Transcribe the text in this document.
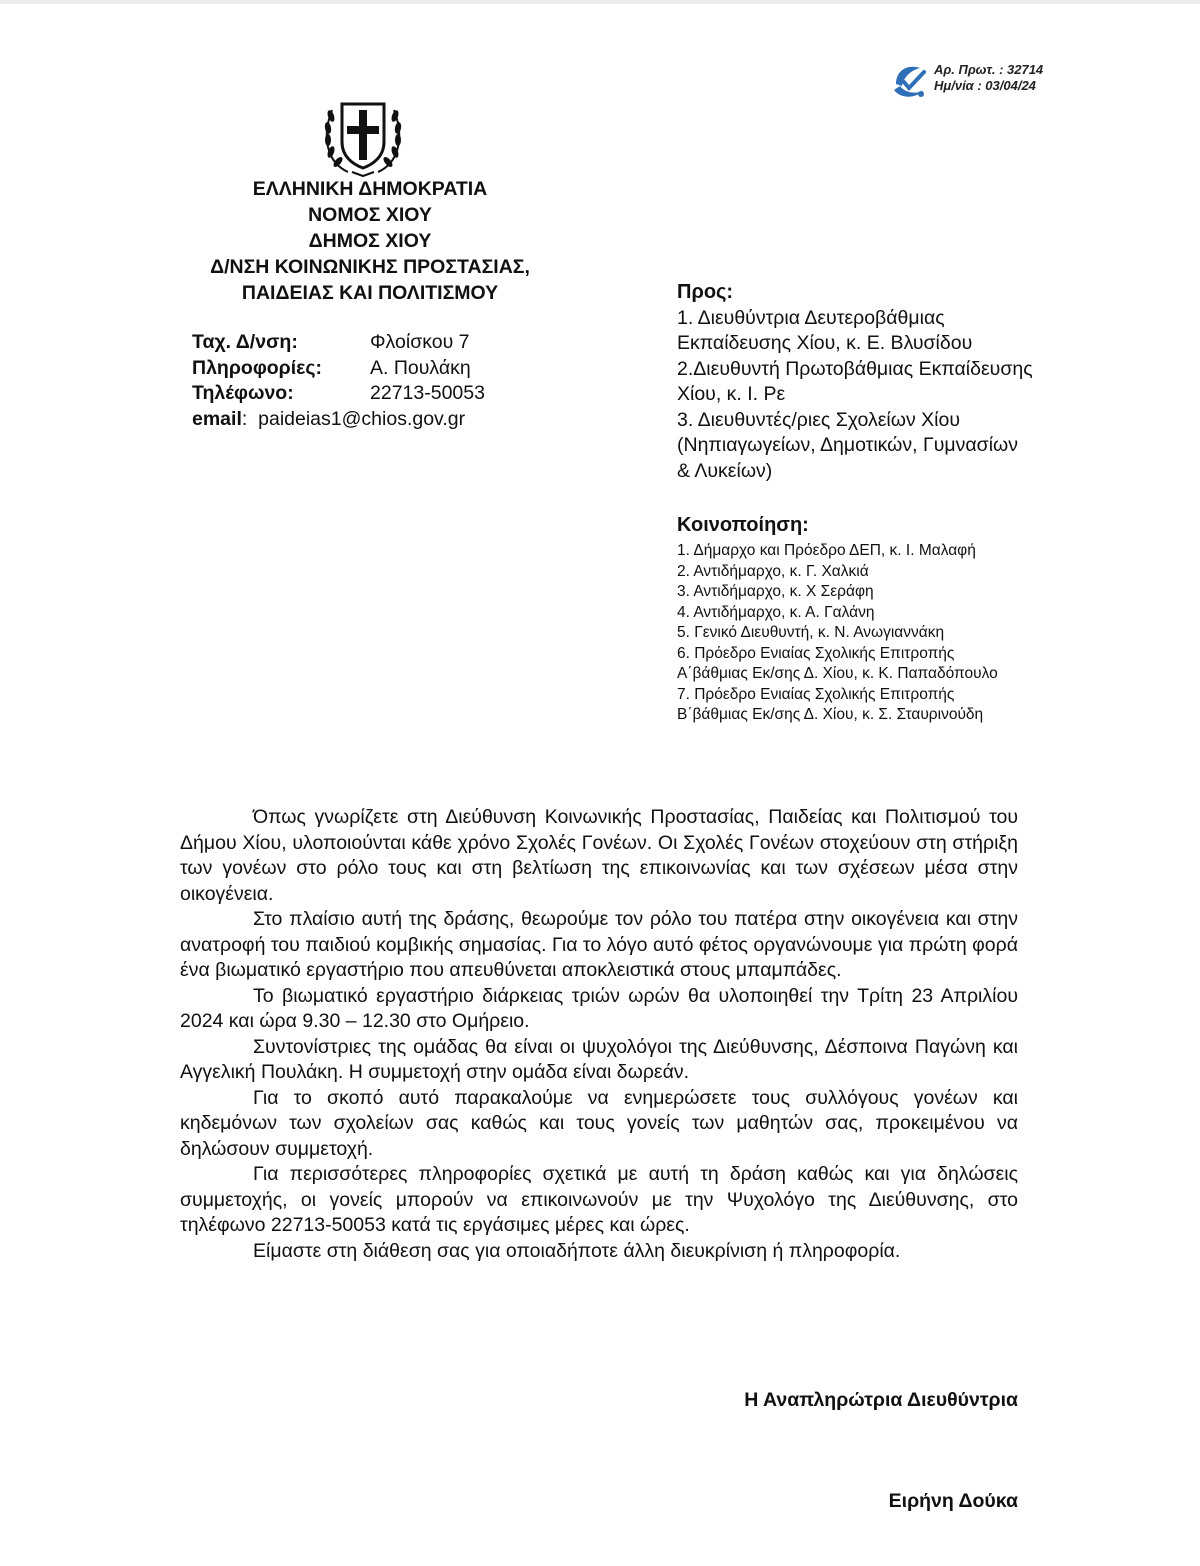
Αρ. Πρωτ. : 32714
Ημ/νία : 03/04/24
ΕΛΛΗΝΙΚΗ ΔΗΜΟΚΡΑΤΙΑ
ΝΟΜΟΣ ΧΙΟΥ
ΔΗΜΟΣ ΧΙΟΥ
Δ/ΝΣΗ ΚΟΙΝΩΝΙΚΗΣ ΠΡΟΣΤΑΣΙΑΣ,
ΠΑΙΔΕΙΑΣ ΚΑΙ ΠΟΛΙΤΙΣΜΟΥ
Ταχ. Δ/νση:	Φλοίσκου 7
Πληροφορίες: Α. Πουλάκη
Τηλέφωνο:	22713-50053
email:  paideias1@chios.gov.gr
Προς:
1. Διευθύντρια Δευτεροβάθμιας
Εκπαίδευσης Χίου, κ. Ε. Βλυσίδου
2.Διευθυντή Πρωτοβάθμιας Εκπαίδευσης
Χίου, κ. Ι. Ρε
3. Διευθυντές/ριες Σχολείων Χίου
(Νηπιαγωγείων, Δημοτικών, Γυμνασίων
& Λυκείων)
Κοινοποίηση:
1. Δήμαρχο και Πρόεδρο ΔΕΠ, κ. Ι. Μαλαφή
2. Αντιδήμαρχο, κ. Γ. Χαλκιά
3. Αντιδήμαρχο, κ. Χ Σεράφη
4. Αντιδήμαρχο, κ. Α. Γαλάνη
5. Γενικό Διευθυντή, κ. Ν. Ανωγιαννάκη
6. Πρόεδρο Ενιαίας Σχολικής Επιτροπής
Α΄βάθμιας Εκ/σης Δ. Χίου, κ. Κ. Παπαδόπουλο
7. Πρόεδρο Ενιαίας Σχολικής Επιτροπής
Β΄βάθμιας Εκ/σης Δ. Χίου, κ. Σ. Σταυρινούδη

Όπως γνωρίζετε στη Διεύθυνση Κοινωνικής Προστασίας, Παιδείας και Πολιτισμού του Δήμου Χίου, υλοποιούνται κάθε χρόνο Σχολές Γονέων. Οι Σχολές Γονέων στοχεύουν στη στήριξη των γονέων στο ρόλο τους και στη βελτίωση της επικοινωνίας και των σχέσεων μέσα στην οικογένεια.

Στο πλαίσιο αυτή της δράσης, θεωρούμε τον ρόλο του πατέρα στην οικογένεια και στην ανατροφή του παιδιού κομβικής σημασίας. Για το λόγο αυτό φέτος οργανώνουμε για πρώτη φορά ένα βιωματικό εργαστήριο που απευθύνεται αποκλειστικά στους μπαμπάδες.

Το βιωματικό εργαστήριο διάρκειας τριών ωρών θα υλοποιηθεί την Τρίτη 23 Απριλίου 2024 και ώρα 9.30 – 12.30 στο Ομήρειο.

Συντονίστριες της ομάδας θα είναι οι ψυχολόγοι της Διεύθυνσης, Δέσποινα Παγώνη και Αγγελική Πουλάκη. Η συμμετοχή στην ομάδα είναι δωρεάν.

Για το σκοπό αυτό παρακαλούμε να ενημερώσετε τους συλλόγους γονέων και κηδεμόνων των σχολείων σας καθώς και τους γονείς των μαθητών σας, προκειμένου να δηλώσουν συμμετοχή.

Για περισσότερες πληροφορίες σχετικά με αυτή τη δράση καθώς και για δηλώσεις συμμετοχής, οι γονείς μπορούν να επικοινωνούν με την Ψυχολόγο της Διεύθυνσης, στο τηλέφωνο 22713-50053 κατά τις εργάσιμες μέρες και ώρες.

Είμαστε στη διάθεση σας για οποιαδήποτε άλλη διευκρίνιση ή πληροφορία.

Η Αναπληρώτρια Διευθύντρια
Ειρήνη Δούκα
